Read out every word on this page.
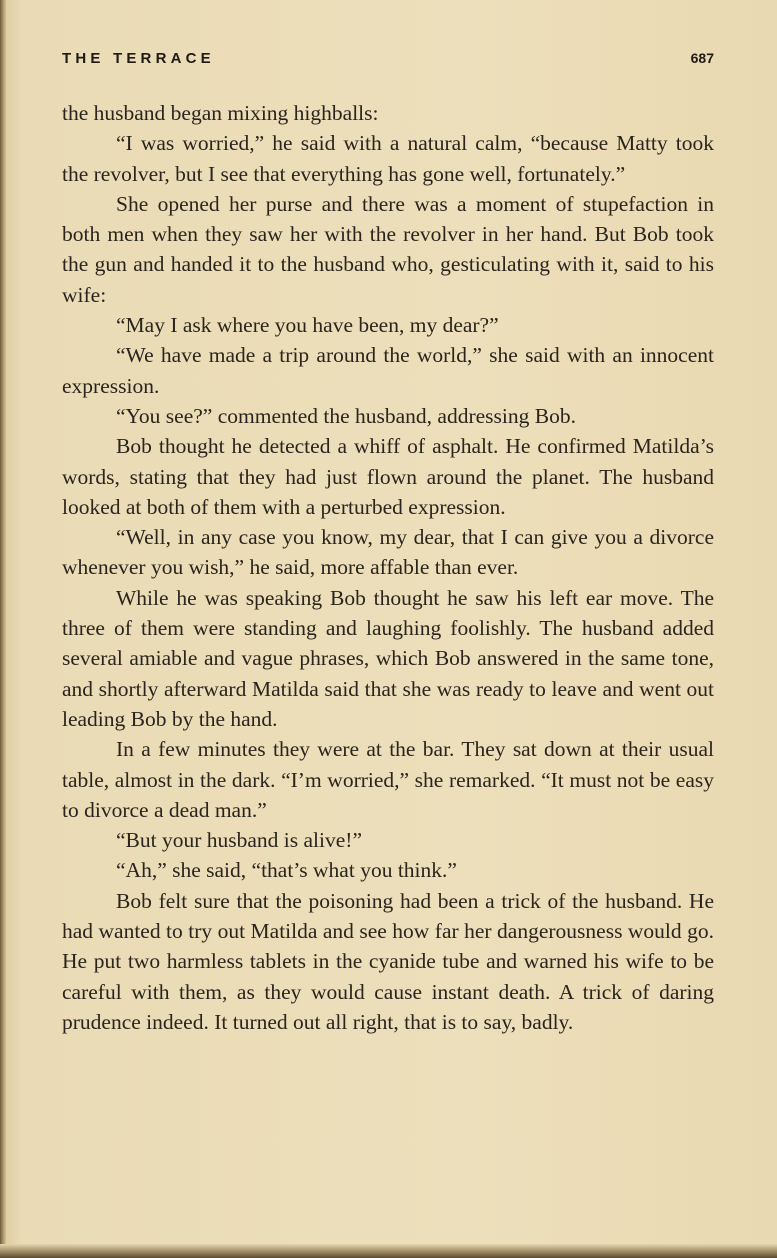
THE TERRACE	687

the husband began mixing highballs:

“I was worried,” he said with a natural calm, “because Matty took the revolver, but I see that everything has gone well, fortunately.”

She opened her purse and there was a moment of stupefaction in both men when they saw her with the revolver in her hand. But Bob took the gun and handed it to the husband who, gesticulating with it, said to his wife:

“May I ask where you have been, my dear?”

“We have made a trip around the world,” she said with an innocent expression.

“You see?” commented the husband, addressing Bob.

Bob thought he detected a whiff of asphalt. He confirmed Matilda’s words, stating that they had just flown around the planet. The husband looked at both of them with a perturbed expression.

“Well, in any case you know, my dear, that I can give you a divorce whenever you wish,” he said, more affable than ever.

While he was speaking Bob thought he saw his left ear move. The three of them were standing and laughing foolishly. The husband added several amiable and vague phrases, which Bob answered in the same tone, and shortly afterward Matilda said that she was ready to leave and went out leading Bob by the hand.

In a few minutes they were at the bar. They sat down at their usual table, almost in the dark. “I’m worried,” she remarked. “It must not be easy to divorce a dead man.”

“But your husband is alive!”

“Ah,” she said, “that’s what you think.”

Bob felt sure that the poisoning had been a trick of the husband. He had wanted to try out Matilda and see how far her dangerousness would go. He put two harmless tablets in the cyanide tube and warned his wife to be careful with them, as they would cause instant death. A trick of daring prudence indeed. It turned out all right, that is to say, badly.
